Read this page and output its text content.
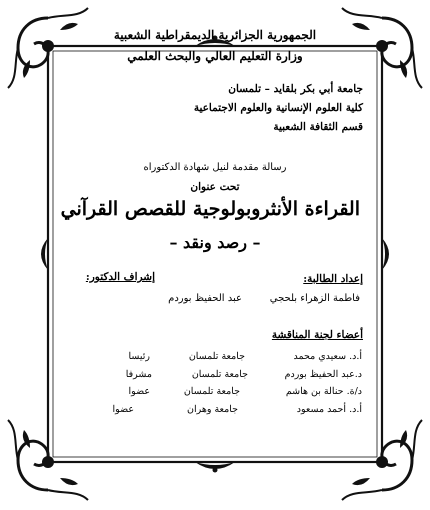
الجمهورية الجزائرية الديمقراطية الشعبية
وزارة التعليم العالي والبحث العلمي
جامعة أبي بكر بلقايد – تلمسان
كلية العلوم الإنسانية والعلوم الاجتماعية
قسم الثقافة الشعبية
رسالة مقدمة لنيل شهادة الدكتوراه
تحت عنوان
القراءة الأنثروبولوجية للقصص القرآني
– رصد ونقد –
إعداد الطالبة:
فاطمة الزهراء بلحجي
إشراف الدكتور:
عبد الحفيظ بوردم
أعضاء لجنة المناقشة
أ.د. سعيدي محمد
جامعة تلمسان
رئيسا
د.عبد الحفيظ بوردم
جامعة تلمسان
مشرفا
د/ة. حنالة بن هاشم
جامعة تلمسان
عضوا
أ.د. أحمد مسعود
جامعة وهران
عضوا
